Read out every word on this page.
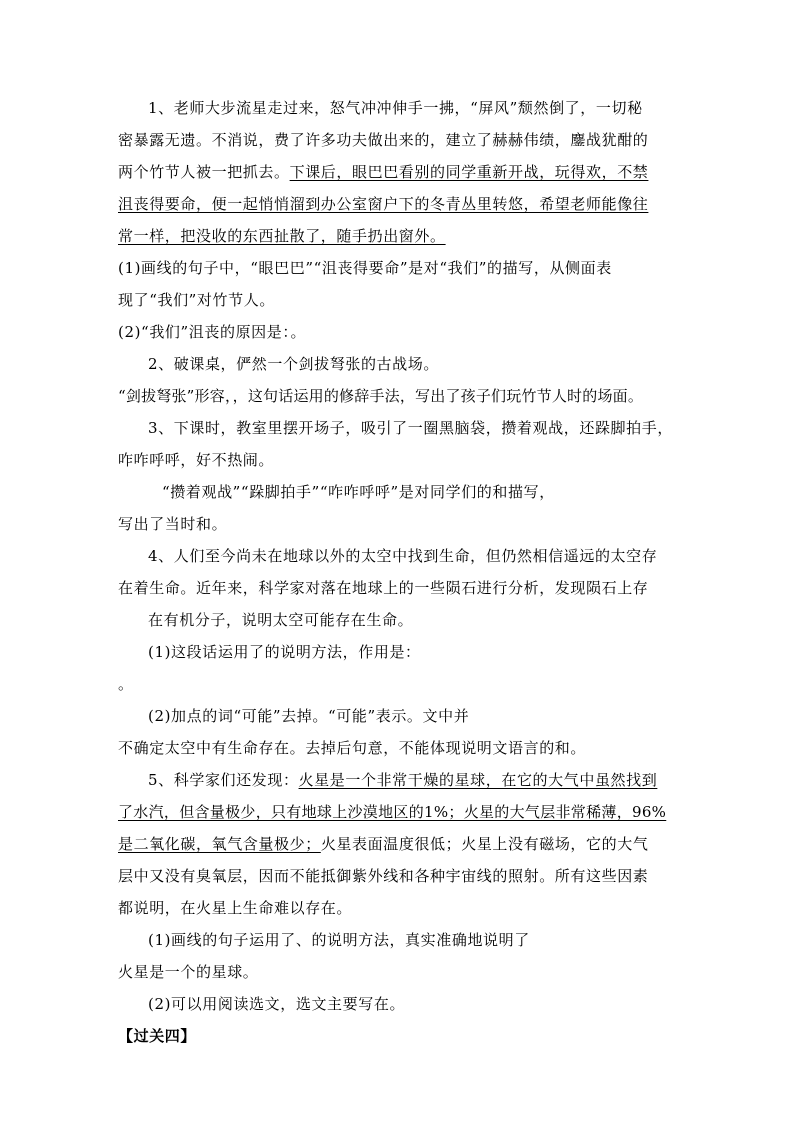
1、老师大步流星走过来，怒气冲冲伸手一拂，“屏风”颓然倒了，一切秘
密暴露无遗。不消说，费了许多功夫做出来的，建立了赫赫伟绩，鏖战犹酣的
两个竹节人被一把抓去。下课后，眼巴巴看别的同学重新开战，玩得欢，不禁
沮丧得要命，便一起悄悄溜到办公室窗户下的冬青丛里转悠，希望老师能像往
常一样，把没收的东西扯散了，随手扔出窗外。
(1)画线的句子中，“眼巴巴”“沮丧得要命”是对“我们”的描写，从侧面表
现了“我们”对竹节人。
(2)“我们”沮丧的原因是：。
2、破课桌，俨然一个剑拔弩张的古战场。
“剑拔弩张”形容，，这句话运用的修辞手法，写出了孩子们玩竹节人时的场面。
3、下课时，教室里摆开场子，吸引了一圈黑脑袋，攒着观战，还跺脚拍手，
咋咋呼呼，好不热闹。
“攒着观战”“跺脚拍手”“咋咋呼呼”是对同学们的和描写，
写出了当时和。
4、人们至今尚未在地球以外的太空中找到生命，但仍然相信遥远的太空存
在着生命。近年来，科学家对落在地球上的一些陨石进行分析，发现陨石上存
在有机分子，说明太空可能存在生命。
(1)这段话运用了的说明方法，作用是：
。
(2)加点的词“可能”去掉。“可能”表示。文中并
不确定太空中有生命存在。去掉后句意，不能体现说明文语言的和。
5、科学家们还发现：火星是一个非常干燥的星球，在它的大气中虽然找到
了水汽，但含量极少，只有地球上沙漠地区的1%；火星的大气层非常稀薄，96%
是二氧化碳，氧气含量极少；火星表面温度很低；火星上没有磁场，它的大气
层中又没有臭氧层，因而不能抵御紫外线和各种宇宙线的照射。所有这些因素
都说明，在火星上生命难以存在。
(1)画线的句子运用了、的说明方法，真实准确地说明了
火星是一个的星球。
(2)可以用阅读选文，选文主要写在。
【过关四】
